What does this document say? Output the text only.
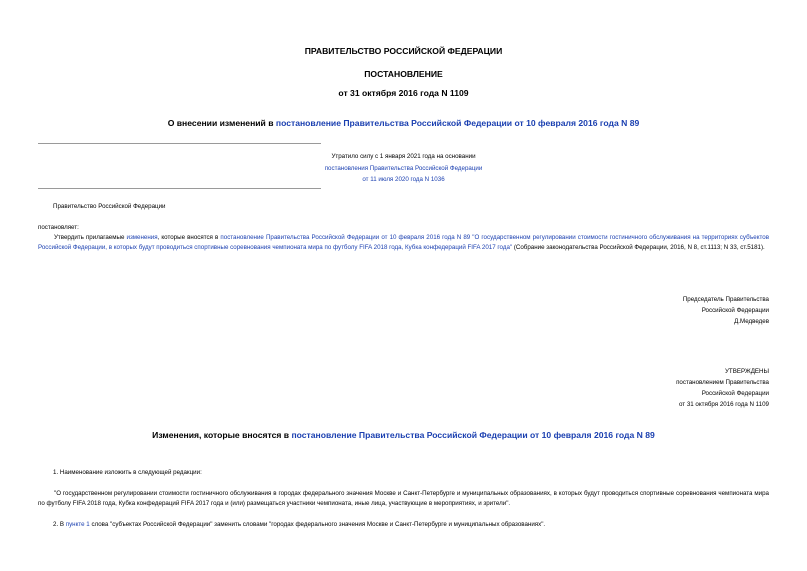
ПРАВИТЕЛЬСТВО РОССИЙСКОЙ ФЕДЕРАЦИИ
ПОСТАНОВЛЕНИЕ
от 31 октября 2016 года N 1109
О внесении изменений в постановление Правительства Российской Федерации от 10 февраля 2016 года N 89
Утратило силу с 1 января 2021 года на основании
постановления Правительства Российской Федерации
от 11 июля 2020 года N 1036
Правительство Российской Федерации
постановляет:
Утвердить прилагаемые изменения, которые вносятся в постановление Правительства Российской Федерации от 10 февраля 2016 года N 89 "О государственном регулировании стоимости гостиничного обслуживания на территориях субъектов Российской Федерации, в которых будут проводиться спортивные соревнования чемпионата мира по футболу FIFA 2018 года, Кубка конфедераций FIFA 2017 года" (Собрание законодательства Российской Федерации, 2016, N 8, ст.1113; N 33, ст.5181).
Председатель Правительства
Российской Федерации
Д.Медведев
УТВЕРЖДЕНЫ
постановлением Правительства
Российской Федерации
от 31 октября 2016 года N 1109
Изменения, которые вносятся в постановление Правительства Российской Федерации от 10 февраля 2016 года N 89
1. Наименование изложить в следующей редакции:
"О государственном регулировании стоимости гостиничного обслуживания в городах федерального значения Москве и Санкт-Петербурге и муниципальных образованиях, в которых будут проводиться спортивные соревнования чемпионата мира по футболу FIFA 2018 года, Кубка конфедераций FIFA 2017 года и (или) размещаться участники чемпионата, иные лица, участвующие в мероприятиях, и зрители".
2. В пункте 1 слова "субъектах Российской Федерации" заменить словами "городах федерального значения Москве и Санкт-Петербурге и муниципальных образованиях".
